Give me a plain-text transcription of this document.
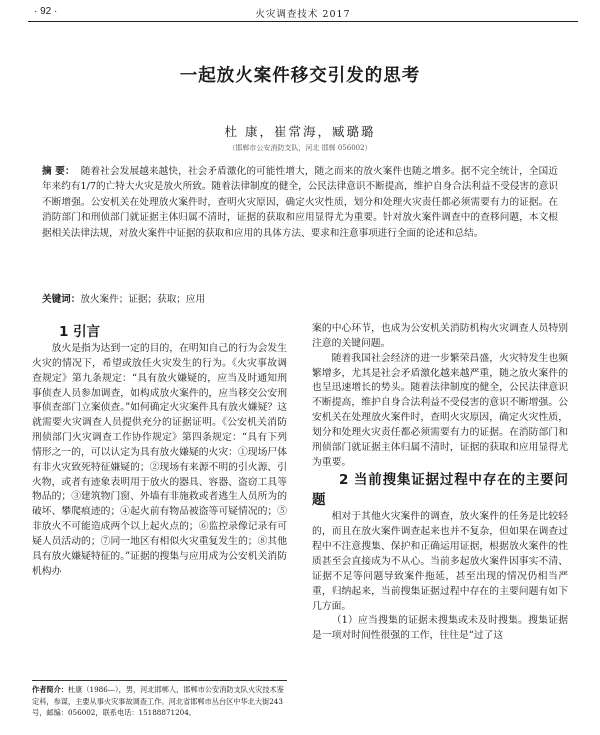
· 92 ·	火灾调查技术 2017
一起放火案件移交引发的思考
杜 康，崔常海，臧璐璐
（邯郸市公安消防支队，河北 邯郸 056002）
摘 要： 随着社会发展越来越快，社会矛盾激化的可能性增大，随之而来的放火案件也随之增多。据不完全统计，全国近年来约有1/7的亡特大火灾是放火所致。随着法律制度的健全，公民法律意识不断提高，维护自身合法利益不受侵害的意识不断增强。公安机关在处理放火案件时，查明火灾原因，确定火灾性质，划分和处理火灾责任都必须需要有力的证据。在消防部门和刑侦部门就证据主体归属不清时，证据的获取和应用显得尤为重要。针对放火案件调查中的查移问题，本文根据相关法律法规，对放火案件中证据的获取和应用的具体方法、要求和注意事项进行全面的论述和总结。
关键词：放火案件；证据；获取；应用

1 引言

放火是指为达到一定的目的，在明知自己的行为会发生火灾的情况下，希望或放任火灾发生的行为。《火灾事故调查规定》第九条规定：“具有放火嫌疑的，应当及时通知刑事侦查人员参加调查，如构成放火案件的，应当移交公安刑事侦查部门立案侦查。”如何确定火灾案件具有放火嫌疑？这就需要火灾调查人员提供充分的证据证明。《公安机关消防刑侦部门火灾调查工作协作规定》第四条规定：“具有下列情形之一的，可以认定为具有放火嫌疑的火灾：①现场尸体有非火灾致死特征嫌疑的；②现场有来源不明的引火源、引火物，或者有迹象表明用于放火的器具、容器、盗窃工具等物品的；③建筑物门窗、外墙有非施救或者逃生人员所为的破坏、攀爬痕迹的；④起火前有物品被盗等可疑情况的；⑤非放火不可能造成两个以上起火点的；⑥监控录像记录有可疑人员活动的；⑦同一地区有相似火灾重复发生的；⑧其他具有放火嫌疑特征的。”证据的搜集与应用成为公安机关消防机构办

案的中心环节，也成为公安机关消防机构火灾调查人员特别注意的关键问题。

随着我国社会经济的进一步繁荣昌盛，火灾特发生也频繁增多，尤其是社会矛盾激化越来越严重，随之放火案件的也呈迅速增长的势头。随着法律制度的健全，公民法律意识不断提高，维护自身合法利益不受侵害的意识不断增强。公安机关在处理放火案件时，查明火灾原因，确定火灾性质，划分和处理火灾责任都必须需要有力的证据。在消防部门和刑侦部门就证据主体归属不清时，证据的获取和应用显得尤为重要。

2 当前搜集证据过程中存在的主要问题

相对于其他火灾案件的调查，放火案件的任务是比较轻的，而且在放火案件调查起来也并不复杂，但如果在调查过程中不注意搜集、保护和正确运用证据，根据放火案件的性质甚至会直接成为不从心。当前多起放火案件因事实不清、证据不足等问题导致案件拖延，甚至出现的情况仍相当严重，归纳起来，当前搜集证据过程中存在的主要问题有如下几方面。

（1）应当搜集的证据未搜集或未及时搜集。搜集证据是一项对时间性很强的工作，往往是“过了这

作者简介：杜康（1986—），男，河北邯郸人，邯郸市公安消防支队火灾技术鉴定科，参谋，主要从事火灾事故调查工作。河北省邯郸市丛台区中华北大街243号，邮编：056002，联系电话：15188871204。
